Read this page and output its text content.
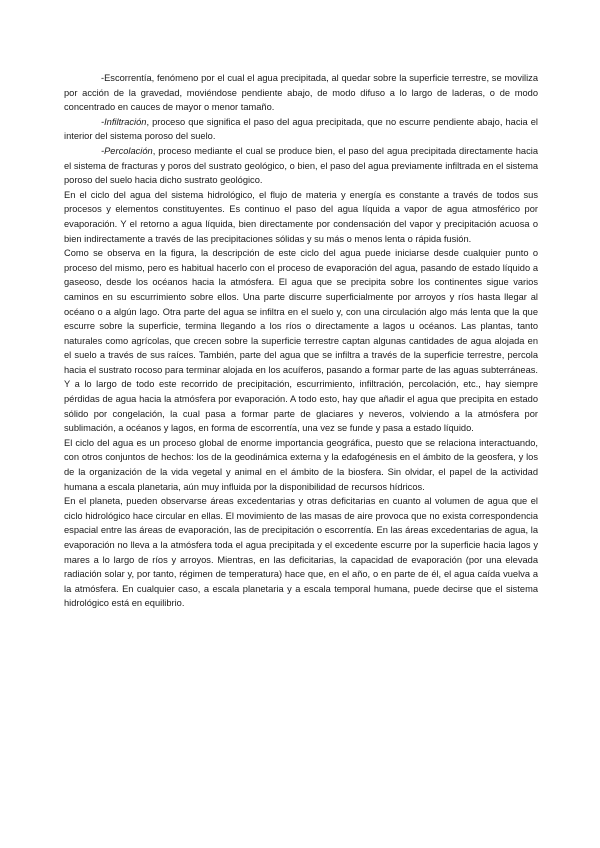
-Escorrentía, fenómeno por el cual el agua precipitada, al quedar sobre la superficie terrestre, se moviliza por acción de la gravedad, moviéndose pendiente abajo, de modo difuso a lo largo de laderas, o de modo concentrado en cauces de mayor o menor tamaño.

-Infiltración, proceso que significa el paso del agua precipitada, que no escurre pendiente abajo, hacia el interior del sistema poroso del suelo.

-Percolación, proceso mediante el cual se produce bien, el paso del agua precipitada directamente hacia el sistema de fracturas y poros del sustrato geológico, o bien, el paso del agua previamente infiltrada en el sistema poroso del suelo hacia dicho sustrato geológico.

En el ciclo del agua del sistema hidrológico, el flujo de materia y energía es constante a través de todos sus procesos y elementos constituyentes. Es continuo el paso del agua líquida a vapor de agua atmosférico por evaporación. Y el retorno a agua líquida, bien directamente por condensación del vapor y precipitación acuosa o bien indirectamente a través de las precipitaciones sólidas y su más o menos lenta o rápida fusión.

Como se observa en la figura, la descripción de este ciclo del agua puede iniciarse desde cualquier punto o proceso del mismo, pero es habitual hacerlo con el proceso de evaporación del agua, pasando de estado líquido a gaseoso, desde los océanos hacia la atmósfera. El agua que se precipita sobre los continentes sigue varios caminos en su escurrimiento sobre ellos. Una parte discurre superficialmente por arroyos y ríos hasta llegar al océano o a algún lago. Otra parte del agua se infiltra en el suelo y, con una circulación algo más lenta que la que escurre sobre la superficie, termina llegando a los ríos o directamente a lagos u océanos. Las plantas, tanto naturales como agrícolas, que crecen sobre la superficie terrestre captan algunas cantidades de agua alojada en el suelo a través de sus raíces. También, parte del agua que se infiltra a través de la superficie terrestre, percola hacia el sustrato rocoso para terminar alojada en los acuíferos, pasando a formar parte de las aguas subterráneas. Y a lo largo de todo este recorrido de precipitación, escurrimiento, infiltración, percolación, etc., hay siempre pérdidas de agua hacia la atmósfera por evaporación. A todo esto, hay que añadir el agua que precipita en estado sólido por congelación, la cual pasa a formar parte de glaciares y neveros, volviendo a la atmósfera por sublimación, a océanos y lagos, en forma de escorrentía, una vez se funde y pasa a estado líquido.

El ciclo del agua es un proceso global de enorme importancia geográfica, puesto que se relaciona interactuando, con otros conjuntos de hechos: los de la geodinámica externa y la edafogénesis en el ámbito de la geosfera, y los de la organización de la vida vegetal y animal en el ámbito de la biosfera. Sin olvidar, el papel de la actividad humana a escala planetaria, aún muy influida por la disponibilidad de recursos hídricos.

En el planeta, pueden observarse áreas excedentarias y otras deficitarias en cuanto al volumen de agua que el ciclo hidrológico hace circular en ellas. El movimiento de las masas de aire provoca que no exista correspondencia espacial entre las áreas de evaporación, las de precipitación o escorrentía. En las áreas excedentarias de agua, la evaporación no lleva a la atmósfera toda el agua precipitada y el excedente escurre por la superficie hacia lagos y mares a lo largo de ríos y arroyos. Mientras, en las deficitarias, la capacidad de evaporación (por una elevada radiación solar y, por tanto, régimen de temperatura) hace que, en el año, o en parte de él, el agua caída vuelva a la atmósfera. En cualquier caso, a escala planetaria y a escala temporal humana, puede decirse que el sistema hidrológico está en equilibrio.
